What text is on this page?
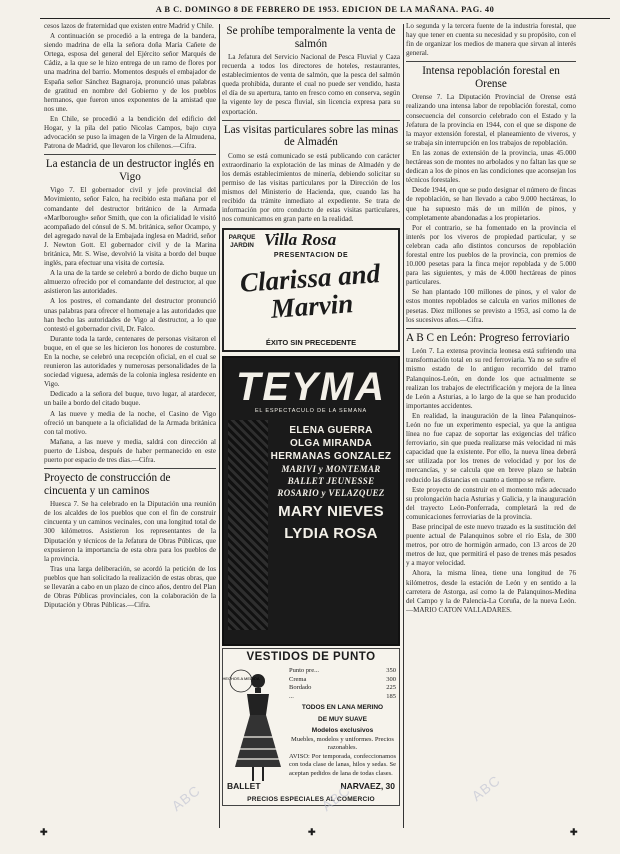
A B C. DOMINGO 8 DE FEBRERO DE 1953. EDICION DE LA MAÑANA. PAG. 40

cesos lazos de fraternidad que existen entre Madrid y Chile.

A continuación se procedió a la entrega de la bandera, siendo madrina de ella la señora doña María Cañete de Ortega, esposa del general del Ejército señor Marqués de Cádiz, a la que se le hizo entrega de un ramo de flores por una madrina del barrio. Momentos después el embajador de España señor Sánchez Bagnaroja, pronunció unas palabras de gratitud en nombre del Gobierno y de los pueblos hermanos, que fueron unos exponentes de la amistad que nos une.

En Chile, se procedió a la bendición del edificio del Hogar, y la pila del patio Nicolas Campos, bajo cuya advocación se puso la imagen de la Virgen de la Almudena, Patrona de Madrid, que llevaron los chilenos.—Cifra.

La estancia de un destructor inglés en Vigo

Vigo 7. El gobernador civil y jefe provincial del Movimiento, señor Falco, ha recibido esta mañana por el comandante del destructor británico de la Armada «Marlborough» señor Smith, que con la oficialidad le visitó acompañado del cónsul de S. M. británica, señor Ocampo, y del agregado naval de la Embajada inglesa en Madrid, señor J. Newton Gott. El gobernador civil y de la Marina británica, Mr. S. Wise, devolvió la visita a bordo del buque inglés, para efectuar una visita de cortesía.

A la una de la tarde se celebró a bordo de dicho buque un almuerzo ofrecido por el comandante del destructor, al que asistieron las autoridades.

A los postres, el comandante del destructor pronunció unas palabras para ofrecer el homenaje a las autoridades que han hecho las autoridades de Vigo al destructor, a lo que contestó el gobernador civil, Dr. Falco.

Durante toda la tarde, centenares de personas visitaron el buque, en el que se les hicieron los honores de costumbre. En la noche, se celebró una recepción oficial, en el cual se reunieron las autoridades y numerosas personalidades de la sociedad viguesa, además de la colonia inglesa residente en Vigo.

Dedicado a la señora del buque, tuvo lugar, al atardecer, un baile a bordo del citado buque.

A las nueve y media de la noche, el Casino de Vigo ofreció un banquete a la oficialidad de la Armada británica con tal motivo.

Mañana, a las nueve y media, saldrá con dirección al puerto de Lisboa, después de haber permanecido en este puerto por espacio de tres días.—Cifra.

Proyecto de construcción de cincuenta y un caminos

Huesca 7. Se ha celebrado en la Diputación una reunión de los alcaldes de los pueblos que con el fin de construir cincuenta y un caminos vecinales, con una longitud total de 300 kilómetros. Asistieron los representantes de la Diputación y técnicos de la Jefatura de Obras Públicas, que expusieron la importancia de esta obra para los pueblos de la provincia.

Tras una larga deliberación, se acordó la petición de los pueblos que han solicitado la realización de estas obras, que se llevarán a cabo en un plazo de cinco años, dentro del Plan de Obras Públicas provinciales, con la colaboración de la Diputación y Obras Públicas.—Cifra.

Se prohíbe temporalmente la venta de salmón

La Jefatura del Servicio Nacional de Pesca Fluvial y Caza recuerda a todos los directores de hoteles, restaurantes, establecimientos de venta de salmón, que la pesca del salmón queda prohibida, durante el cual no puede ser vendido, hasta el día de su apertura, tanto en fresco como en conserva, según la vigente ley de pesca fluvial, sin licencia expresa para su exportación.

Las visitas particulares sobre las minas de Almadén

Como se está comunicado se está publicando con carácter extraordinario la explotación de las minas de Almadén y de los demás establecimientos de minería, debiendo solicitar su permiso de las visitas particulares por la Dirección de los mismos del Ministerio de Hacienda, que, cuando las ha recibido da trámite inmediato al expediente. Se trata de información por otro conducto de estas visitas particulares, nos comunicamos en gran parte en la realidad.

PARQUE JARDIN Villa Rosa
PRESENTACION DE
Clarissa and Marvin
ÉXITO SIN PRECEDENTE
TEYMA
EL ESPECTACULO DE LA SEMANA
ELENA GUERRA
OLGA MIRANDA
HERMANAS GONZALEZ
MARIVI y MONTEMAR
BALLET JEUNESSE
ROSARIO y VELAZQUEZ
MARY NIEVES
LYDIA ROSA
VESTIDOS DE PUNTO
HECHOS A MEDIDA
Punto pre...	350
Crema	300
Bordado	225
...	185
TODOS EN LANA MERINO
DE MUY SUAVE
Modelos exclusivos
Muebles, modelos y uniformes. Precios razonables.
AVISO: Por temporada, confeccionamos con toda clase de lanas, hilos y sedas. Se aceptan pedidos de lana de todas clases.
BALLET	NARVAEZ, 30
PRECIOS ESPECIALES AL COMERCIO

Lo segunda y la tercera fuente de la industria forestal, que hay que tener en cuenta su necesidad y su propósito, con el fin de organizar los medios de manera que sirvan al interés general.

Intensa repoblación forestal en Orense

Orense 7. La Diputación Provincial de Orense está realizando una intensa labor de repoblación forestal, como consecuencia del consorcio celebrado con el Estado y la Jefatura de la provincia en 1944, con el que se dispone de la mayor extensión forestal, el planeamiento de viveros, y se trabaja sin interrupción en los trabajos de repoblación.

En las zonas de extensión de la provincia, unas 45.000 hectáreas son de montes no arbolados y no faltan las que se dedican a los de pinos en las condiciones que aconsejan los técnicos forestales.

Desde 1944, en que se pudo designar el número de fincas de repoblación, se han llevado a cabo 9.000 hectáreas, lo que ha supuesto más de un millón de pinos, y completamente abandonadas a los propietarios.

Por el contrario, se ha fomentado en la provincia el interés por los viveros de propiedad particular, y se celebran cada año distintos concursos de repoblación forestal entre los pueblos de la provincia, con premios de 10.000 pesetas para la finca mejor repoblada y de 5.000 para las siguientes, y más de 4.000 hectáreas de pinos particulares.

Se han plantado 100 millones de pinos, y el valor de estos montes repoblados se calcula en varios millones de pesetas. Diez millones se previsto a 1953, así como la de los sucesivos años.—Cifra.

A B C en León: Progreso ferroviario

León 7. La extensa provincia leonesa está sufriendo una transformación total en su red ferroviaria. Ya no se sufre el mismo estado de lo antiguo recorrido del tramo Palanquinos-León, en donde los que actualmente se realizan los trabajos de electrificación y mejora de la línea de León a Asturias, a lo largo de la que se han producido importantes accidentes.

En realidad, la inauguración de la línea Palanquinos-León no fue un experimento especial, ya que la antigua línea no fue capaz de soportar las exigencias del tráfico ferroviario, sin que pueda realizarse más velocidad ni más capacidad que la existente. Por ello, la nueva línea deberá ser utilizada por los trenes de velocidad y por los de mercancías, y se calcula que en breve plazo se habrán reducido las distancias en cuanto a tiempo se refiere.

Este proyecto de construir en el momento más adecuado su prolongación hacia Asturias y Galicia, y la inauguración del trayecto León-Ponferrada, completará la red de comunicaciones ferroviarias de la provincia.

Base principal de este nuevo trazado es la sustitución del puente actual de Palanquinos sobre el río Esla, de 300 metros, por otro de hormigón armado, con 13 arcos de 20 metros de luz, que permitirá el paso de trenes más pesados y a mayor velocidad.

Ahora, la misma línea, tiene una longitud de 76 kilómetros, desde la estación de León y en sentido a la carretera de Astorga, así como la de Palanquinos-Medina del Campo y la de Palencia-La Coruña, de la nueva León.—MARIO CATON VALLADARES.

ABC	ABC	ABC
✚	✚	✚
